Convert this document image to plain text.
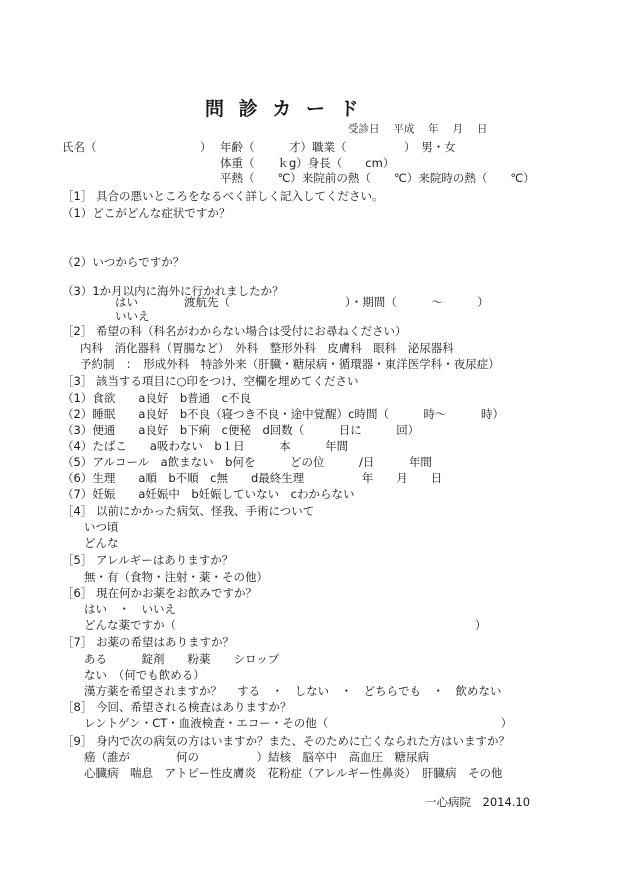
問 診 カ ー ド
受診日　 平成　 年　 月　 日
氏名（　　　　　　　　　） 年齢（　　　才）職業（　　　　　）　男・女
体重（　　ｋg）身長（　　cm）
平熱（　　℃）来院前の熱（　　℃）来院時の熱（　　℃）
［1］ 具合の悪いところをなるべく詳しく記入してください。
（1）どこがどんな症状ですか？
（2）いつからですか？
（3）1か月以内に海外に行かれましたか？
はい　　　　渡航先（　　　　　　　　　　）・期間（　　　～　　　）
いいえ
［2］ 希望の科（科名がわからない場合は受付にお尋ねください）
内科　消化器科（胃腸など）　外科　整形外科　皮膚科　眼科　泌尿器科
予約制　：　形成外科　特診外来（肝臓・糖尿病・循環器・東洋医学科・夜尿症）
［3］ 該当する項目に○印をつけ、空欄を埋めてください
（1）食欲　　a良好　b普通　c不良
（2）睡眠　　a良好　b不良（寝つき不良・途中覚醒）c時間（　　　時～　　　時）
（3）便通　　a良好　b下痢　c便秘　d回数（　　　日に　　　回）
（4）たばこ　　a吸わない　b１日　　　本　　　年間
（5）アルコール　a飲まない　b何を　　　どの位　　　/日　　　年間
（6）生理　　a順　b不順　c無　　d最終生理　　　　　年　　月　　日
（7）妊娠　　a妊娠中　b妊娠していない　cわからない
［4］ 以前にかかった病気、怪我、手術について
いつ頃
どんな
［5］ アレルギーはありますか？
無・有（食物・注射・薬・その他）
［6］ 現在何かお薬をお飲みですか？
はい　・　いいえ
どんな薬ですか（　　　　　　　　　　　　　　　　　　　　　　　　　　）
［7］ お薬の希望はありますか？
ある　　　錠剤　　粉薬　　シロップ
ない　（何でも飲める）
漢方薬を希望されますか？　 する　・　しない　・　どちらでも　・　飲めない
［8］ 今回、希望される検査はありますか？
レントゲン・CT・血液検査・エコー・その他（　　　　　　　　　　　　　　　）
［9］ 身内で次の病気の方はいますか？また、そのために亡くなられた方はいますか？
癌（誰が　　　　何の　　　　　）結核　脳卒中　高血圧　糖尿病
心臓病　喘息　アトピー性皮膚炎　花粉症（アレルギー性鼻炎）　肝臓病　その他
一心病院　2014.10
